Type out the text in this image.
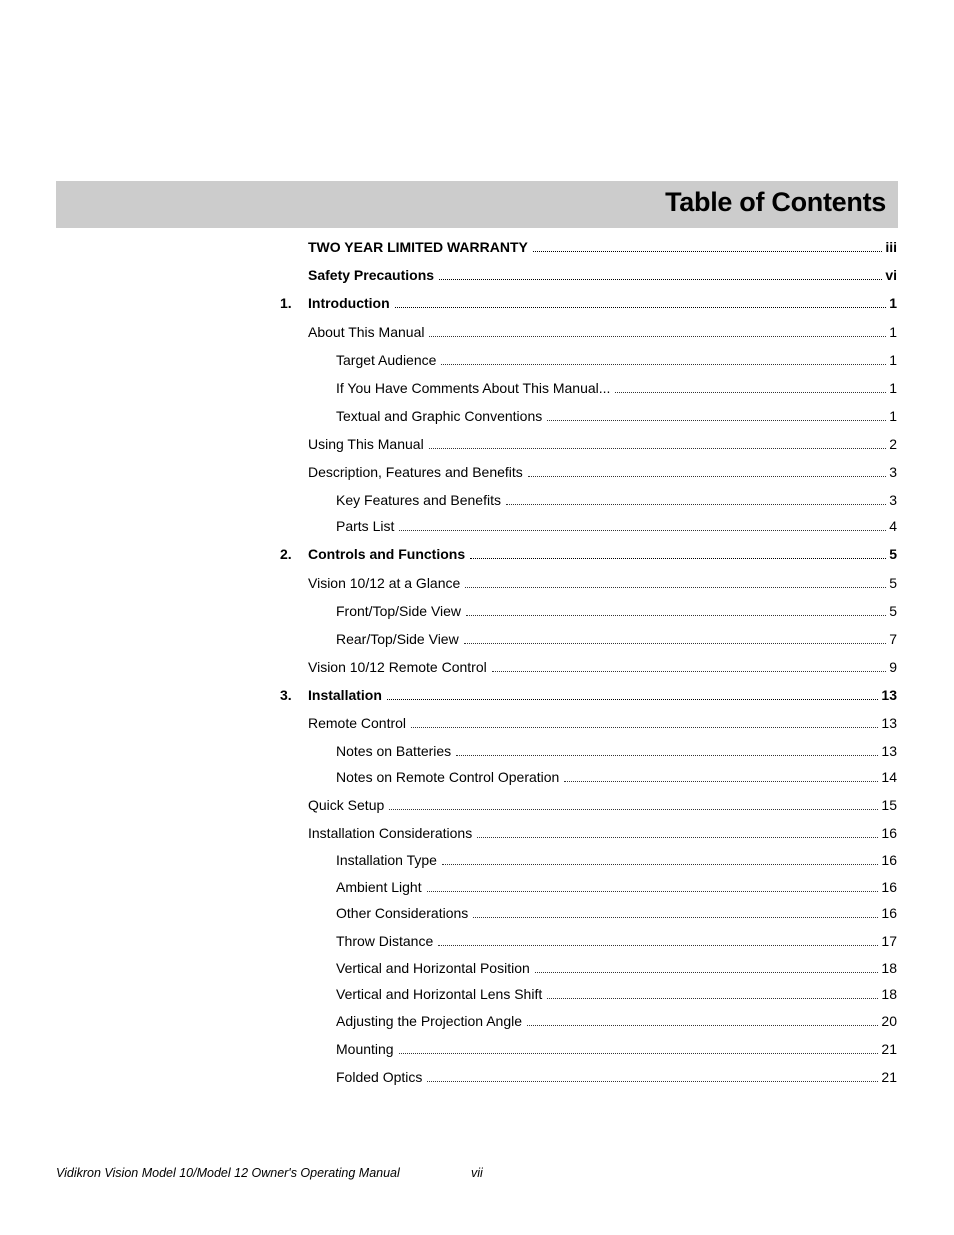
Table of Contents
TWO YEAR LIMITED WARRANTY	iii
Safety Precautions	vi
1.	Introduction	1
About This Manual	1
Target Audience	1
If You Have Comments About This Manual...	1
Textual and Graphic Conventions	1
Using This Manual	2
Description, Features and Benefits	3
Key Features and Benefits	3
Parts List	4
2.	Controls and Functions	5
Vision 10/12 at a Glance	5
Front/Top/Side View	5
Rear/Top/Side View	7
Vision 10/12 Remote Control	9
3.	Installation	13
Remote Control	13
Notes on Batteries	13
Notes on Remote Control Operation	14
Quick Setup	15
Installation Considerations	16
Installation Type	16
Ambient Light	16
Other Considerations	16
Throw Distance	17
Vertical and Horizontal Position	18
Vertical and Horizontal Lens Shift	18
Adjusting the Projection Angle	20
Mounting	21
Folded Optics	21
Vidikron Vision Model 10/Model 12 Owner's Operating Manual	vii
